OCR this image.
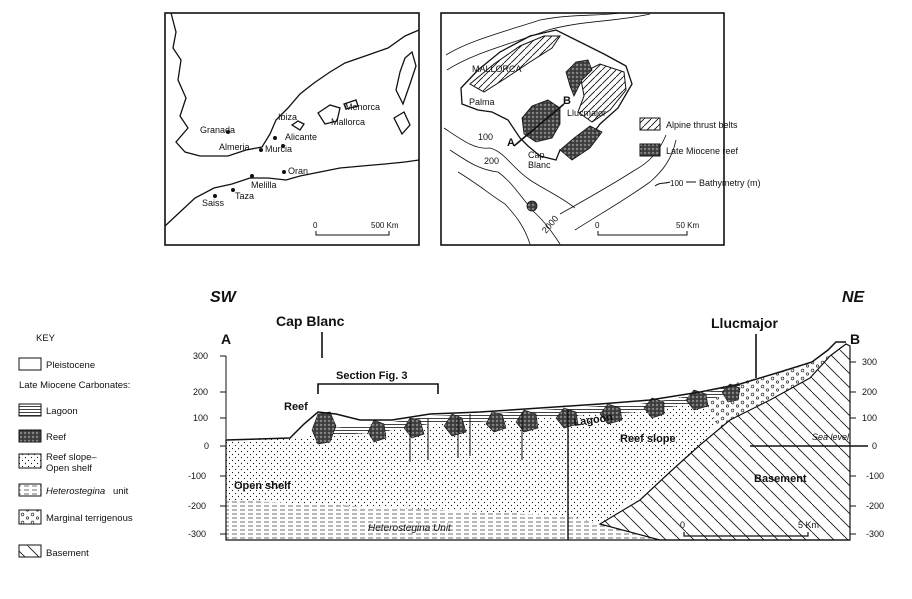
Granada
Ibiza
Menorca
Mallorca
Alicante
Almeria Murcia
Oran
Melilla
Taza
Saiss
0	500 Km
MALLORCA
Palma	B
Llucmajor
A
Cap
Blanc
100
200
2000
Alpine thrust belts
Late Miocene reef
100 Bathymetry (m)
0	50 Km
300
200
100
0
-100
-200
-300
300
200
100
0
-100
-200
-300
SW	NE
A	B
Cap Blanc	Llucmajor
Section Fig. 3
Reef
Lagoon
Reef slope	Sea level
Open shelf
Basement
Heterostegina Unit	0	5 Km
KEY
Pleistocene
Late Miocene Carbonates:
Lagoon
Reef
Reef slope–
Open shelf
Heterostegina unit
Marginal terrigenous
Basement
